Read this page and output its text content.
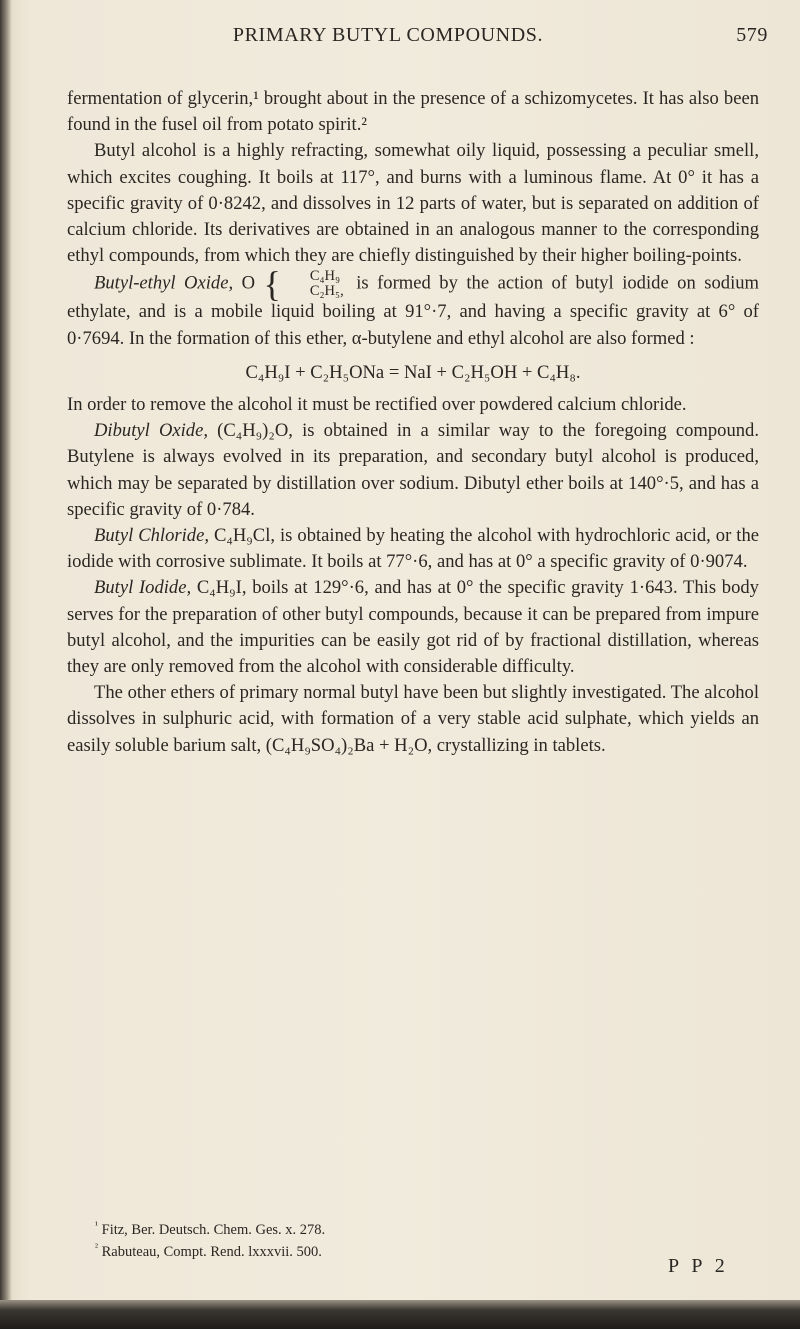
PRIMARY BUTYL COMPOUNDS.	579

fermentation of glycerin,¹ brought about in the presence of a schizomycetes. It has also been found in the fusel oil from potato spirit.²

Butyl alcohol is a highly refracting, somewhat oily liquid, possessing a peculiar smell, which excites coughing. It boils at 117°, and burns with a luminous flame. At 0° it has a specific gravity of 0·8242, and dissolves in 12 parts of water, but is separated on addition of calcium chloride. Its derivatives are obtained in an analogous manner to the corresponding ethyl compounds, from which they are chiefly distinguished by their higher boiling-points.

Butyl-ethyl Oxide, O {	C₄H₉
C₂H₅, is formed by the action of butyl iodide on sodium ethylate, and is a mobile liquid boiling at 91°·7, and having a specific gravity at 6° of 0·7694. In the formation of this ether, α-butylene and ethyl alcohol are also formed :

C₄H₉I + C₂H₅ONa = NaI + C₂H₅OH + C₄H₈.

In order to remove the alcohol it must be rectified over powdered calcium chloride.

Dibutyl Oxide, (C₄H₉)₂O, is obtained in a similar way to the foregoing compound. Butylene is always evolved in its preparation, and secondary butyl alcohol is produced, which may be separated by distillation over sodium. Dibutyl ether boils at 140°·5, and has a specific gravity of 0·784.

Butyl Chloride, C₄H₉Cl, is obtained by heating the alcohol with hydrochloric acid, or the iodide with corrosive sublimate. It boils at 77°·6, and has at 0° a specific gravity of 0·9074.

Butyl Iodide, C₄H₉I, boils at 129°·6, and has at 0° the specific gravity 1·643. This body serves for the preparation of other butyl compounds, because it can be prepared from impure butyl alcohol, and the impurities can be easily got rid of by fractional distillation, whereas they are only removed from the alcohol with considerable difficulty.

The other ethers of primary normal butyl have been but slightly investigated. The alcohol dissolves in sulphuric acid, with formation of a very stable acid sulphate, which yields an easily soluble barium salt, (C₄H₉SO₄)₂Ba + H₂O, crystallizing in tablets.

$^{^1}$ Fitz, Ber. Deutsch. Chem. Ges. x. 278.

$^{^2}$ Rabuteau, Compt. Rend. lxxxvii. 500.

P P 2
